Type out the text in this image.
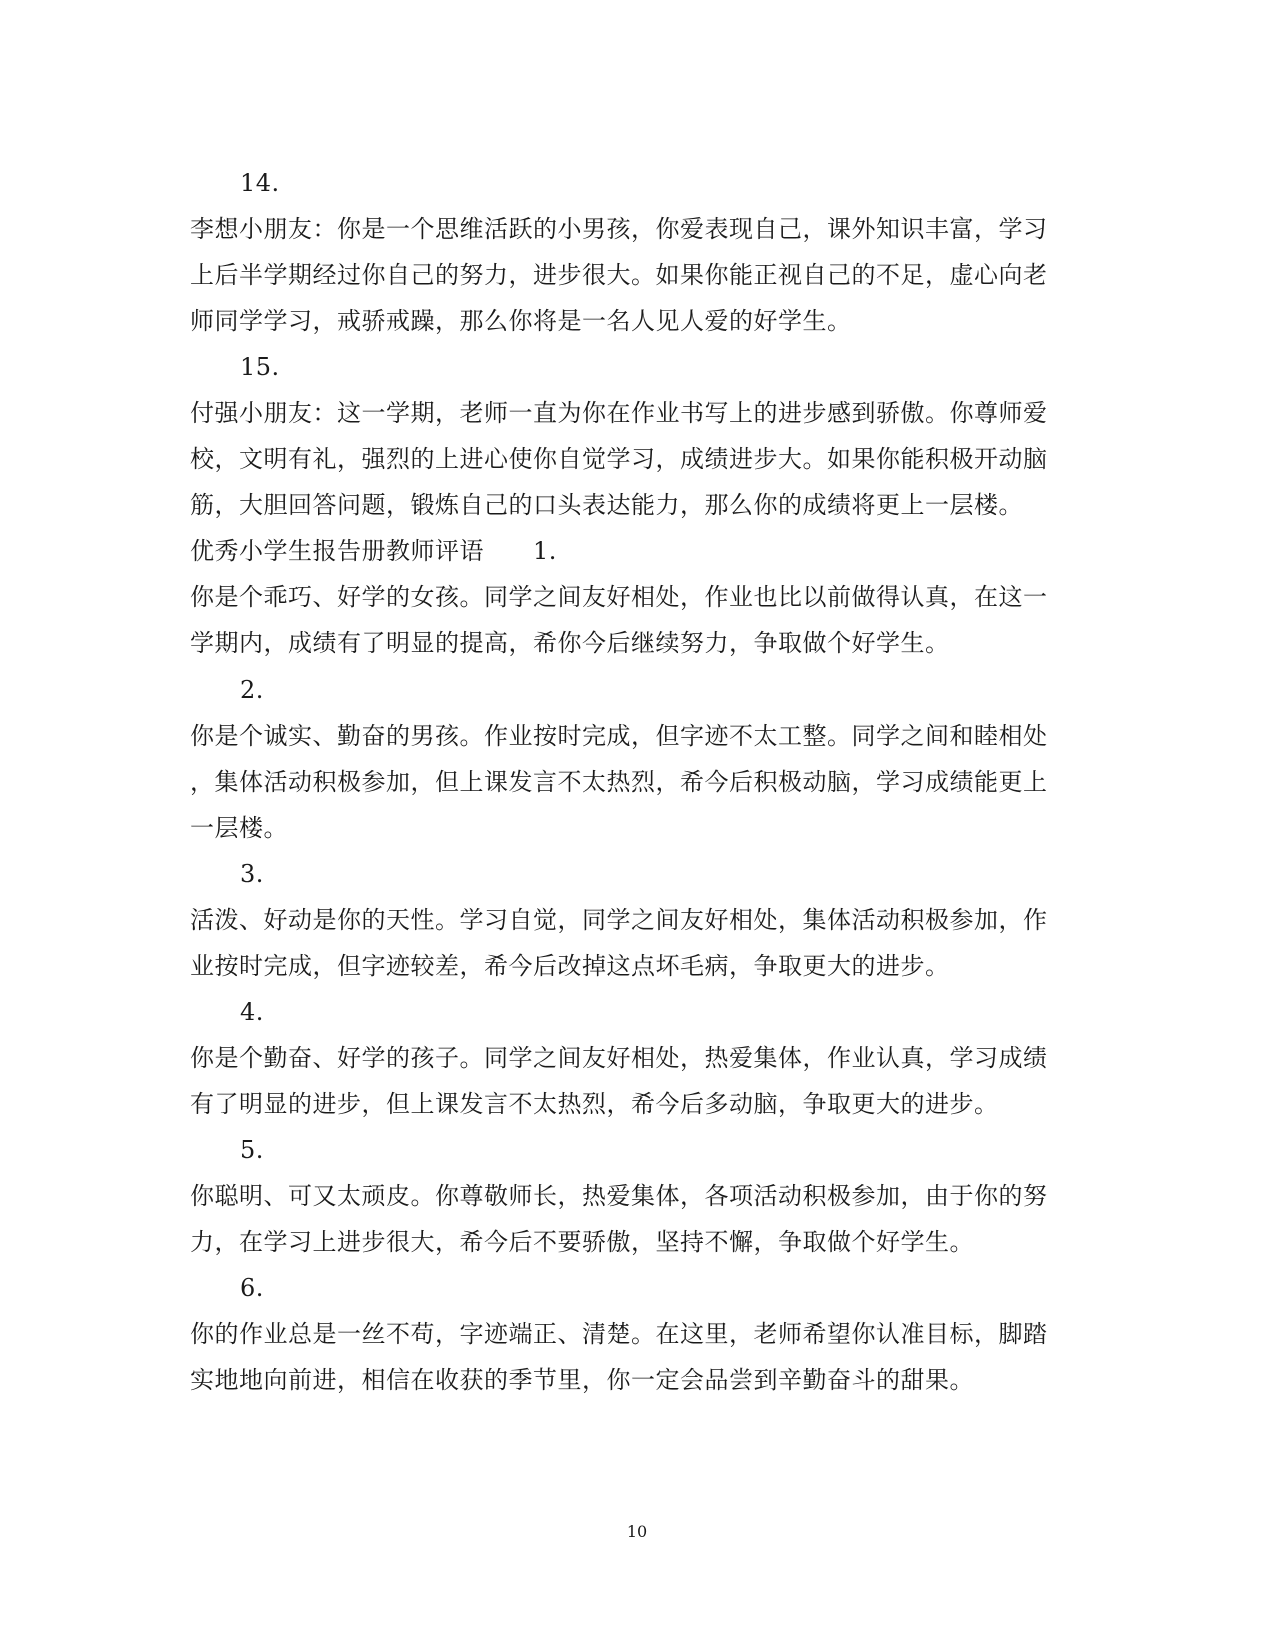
14.
李想小朋友：你是一个思维活跃的小男孩，你爱表现自己，课外知识丰富，学习
上后半学期经过你自己的努力，进步很大。如果你能正视自己的不足，虚心向老
师同学学习，戒骄戒躁，那么你将是一名人见人爱的好学生。
15.
付强小朋友：这一学期，老师一直为你在作业书写上的进步感到骄傲。你尊师爱
校，文明有礼，强烈的上进心使你自觉学习，成绩进步大。如果你能积极开动脑
筋，大胆回答问题，锻炼自己的口头表达能力，那么你的成绩将更上一层楼。
优秀小学生报告册教师评语　　1.
你是个乖巧、好学的女孩。同学之间友好相处，作业也比以前做得认真，在这一
学期内，成绩有了明显的提高，希你今后继续努力，争取做个好学生。
2.
你是个诚实、勤奋的男孩。作业按时完成，但字迹不太工整。同学之间和睦相处
，集体活动积极参加，但上课发言不太热烈，希今后积极动脑，学习成绩能更上
一层楼。
3.
活泼、好动是你的天性。学习自觉，同学之间友好相处，集体活动积极参加，作
业按时完成，但字迹较差，希今后改掉这点坏毛病，争取更大的进步。
4.
你是个勤奋、好学的孩子。同学之间友好相处，热爱集体，作业认真，学习成绩
有了明显的进步，但上课发言不太热烈，希今后多动脑，争取更大的进步。
5.
你聪明、可又太顽皮。你尊敬师长，热爱集体，各项活动积极参加，由于你的努
力，在学习上进步很大，希今后不要骄傲，坚持不懈，争取做个好学生。
6.
你的作业总是一丝不苟，字迹端正、清楚。在这里，老师希望你认准目标，脚踏
实地地向前进，相信在收获的季节里，你一定会品尝到辛勤奋斗的甜果。
10
